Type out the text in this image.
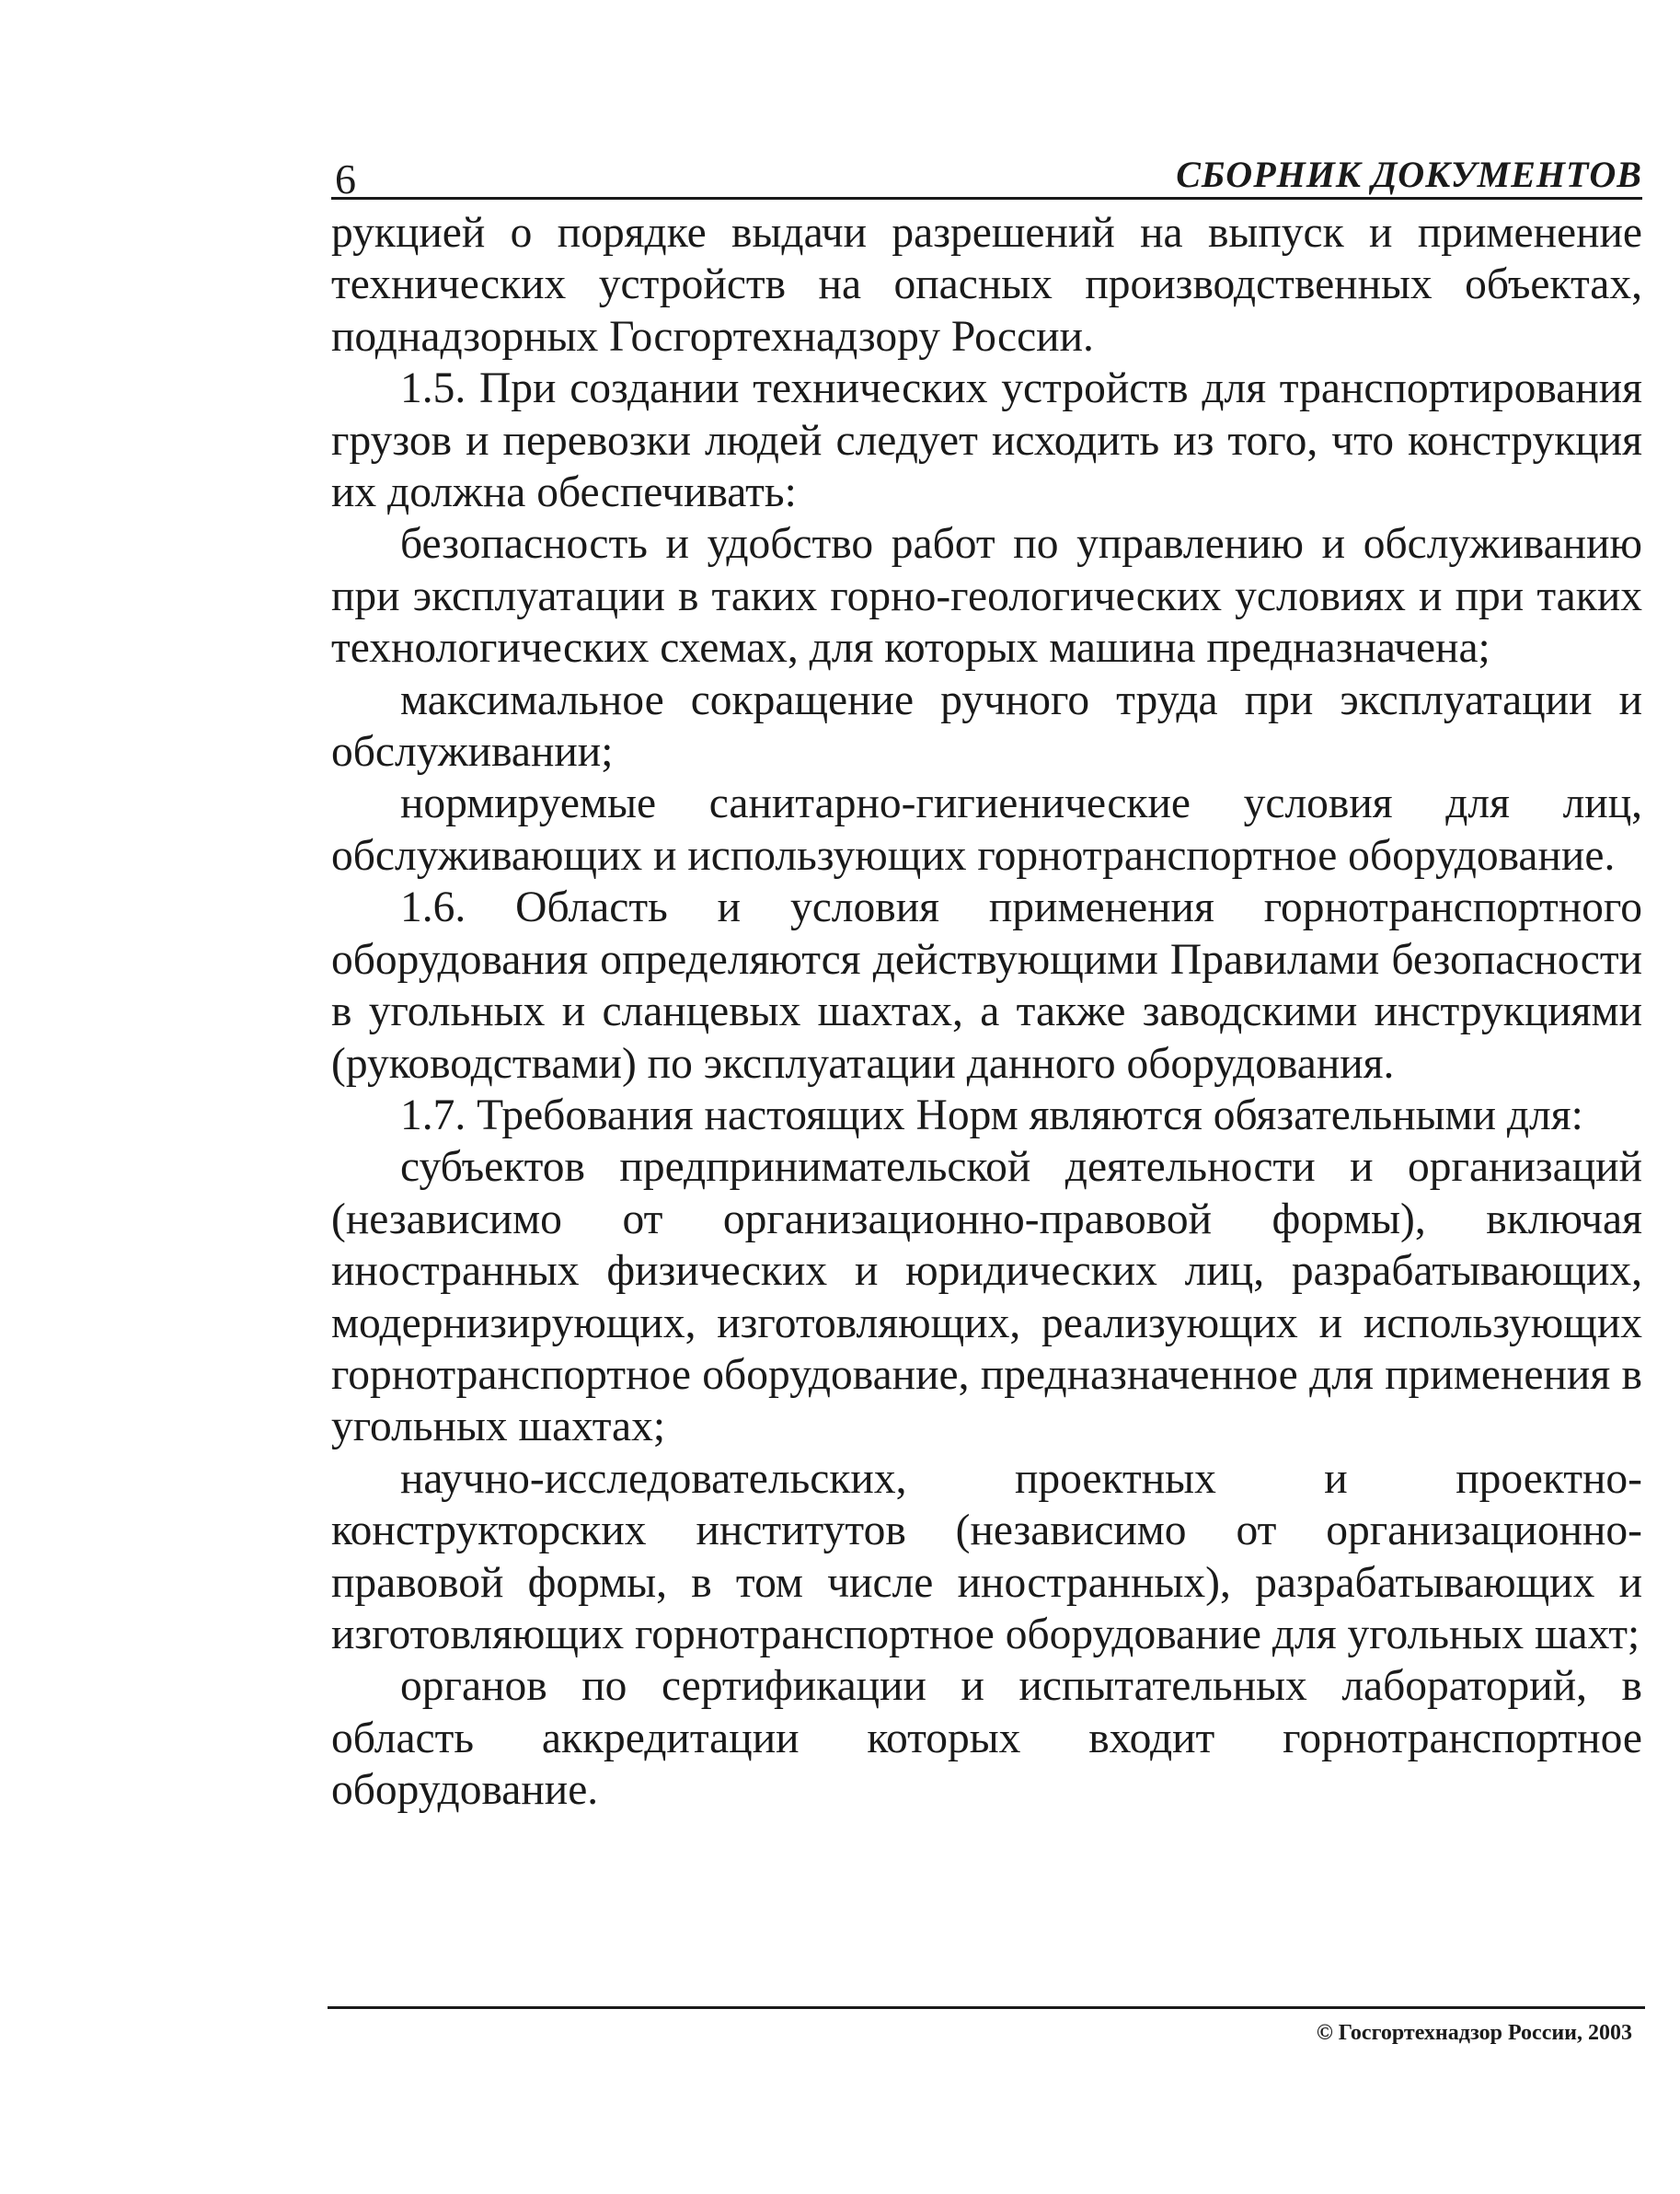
6	СБОРНИК ДОКУМЕНТОВ

рукцией о порядке выдачи разрешений на выпуск и применение технических устройств на опасных производственных объектах, поднадзорных Госгортехнадзору России.

1.5. При создании технических устройств для транспортирования грузов и перевозки людей следует исходить из того, что конструкция их должна обеспечивать:

безопасность и удобство работ по управлению и обслуживанию при эксплуатации в таких горно-геологических условиях и при таких технологических схемах, для которых машина предназначена;

максимальное сокращение ручного труда при эксплуатации и обслуживании;

нормируемые санитарно-гигиенические условия для лиц, обслуживающих и использующих горнотранспортное оборудование.

1.6. Область и условия применения горнотранспортного оборудования определяются действующими Правилами безопасности в угольных и сланцевых шахтах, а также заводскими инструкциями (руководствами) по эксплуатации данного оборудования.

1.7. Требования настоящих Норм являются обязательными для:

субъектов предпринимательской деятельности и организаций (независимо от организационно-правовой формы), включая иностранных физических и юридических лиц, разрабатывающих, модернизирующих, изготовляющих, реализующих и использующих горнотранспортное оборудование, предназначенное для применения в угольных шахтах;

научно-исследовательских, проектных и проектно-конструкторских институтов (независимо от организационно-правовой формы, в том числе иностранных), разрабатывающих и изготовляющих горнотранспортное оборудование для угольных шахт;

органов по сертификации и испытательных лабораторий, в область аккредитации которых входит горнотранспортное оборудование.

© Госгортехнадзор России, 2003
